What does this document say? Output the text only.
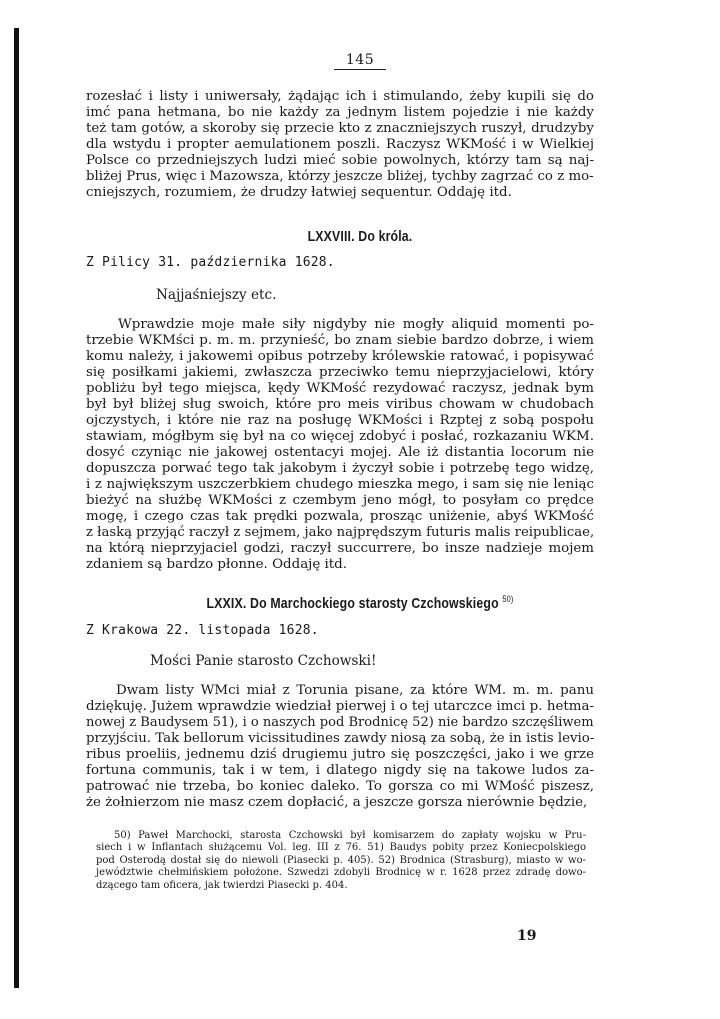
145
rozesłać i listy i uniwersały, żądając ich i stimulando, żeby kupili się do
imć pana hetmana, bo nie każdy za jednym listem pojedzie i nie każdy
też tam gotów, a skoroby się przecie kto z znaczniejszych ruszył, drudzyby
dla wstydu i propter aemulationem poszli. Raczysz WKMość i w Wielkiej
Polsce co przedniejszych ludzi mieć sobie powolnych, którzy tam są naj-
bliżej Prus, więc i Mazowsza, którzy jeszcze bliżej, tychby zagrzać co z mo-
cniejszych, rozumiem, że drudzy łatwiej sequentur. Oddaję itd.
LXXVIII. Do króla.
Z Pilicy 31. października 1628.
Najjaśniejszy etc.
Wprawdzie moje małe siły nigdyby nie mogły aliquid momenti po-
trzebie WKMści p. m. m. przynieść, bo znam siebie bardzo dobrze, i wiem
komu należy, i jakowemi opibus potrzeby królewskie ratować, i popisywać
się posiłkami jakiemi, zwłaszcza przeciwko temu nieprzyjacielowi, który
pobliżu był tego miejsca, kędy WKMość rezydować raczysz, jednak bym
był był bliżej sług swoich, które pro meis viribus chowam w chudobach
ojczystych, i które nie raz na posługę WKMości i Rzptej z sobą pospołu
stawiam, mógłbym się był na co więcej zdobyć i posłać, rozkazaniu WKM.
dosyć czyniąc nie jakowej ostentacyi mojej. Ale iż distantia locorum nie
dopuszcza porwać tego tak jakobym i życzył sobie i potrzebę tego widzę,
i z największym uszczerbkiem chudego mieszka mego, i sam się nie leniąc
bieżyć na służbę WKMości z czembym jeno mógł, to posyłam co prędce
mogę, i czego czas tak prędki pozwala, prosząc uniżenie, abyś WKMość
z łaską przyjąć raczył z sejmem, jako najprędszym futuris malis reipublicae,
na którą nieprzyjaciel godzi, raczył succurrere, bo insze nadzieje mojem
zdaniem są bardzo płonne. Oddaję itd.
LXXIX. Do Marchockiego starosty Czchowskiego $^{50)}$
Z Krakowa 22. listopada 1628.
Mości Panie starosto Czchowski!
Dwam listy WMci miał z Torunia pisane, za które WM. m. m. panu
dziękuję. Jużem wprawdzie wiedział pierwej i o tej utarczce imci p. hetma-
nowej z Baudysem 51), i o naszych pod Brodnicę 52) nie bardzo szczęśliwem
przyjściu. Tak bellorum vicissitudines zawdy niosą za sobą, że in istis levio-
ribus proeliis, jednemu dziś drugiemu jutro się poszczęści, jako i we grze
fortuna communis, tak i w tem, i dlatego nigdy się na takowe ludos za-
patrować nie trzeba, bo koniec daleko. To gorsza co mi WMość piszesz,
że żołnierzom nie masz czem dopłacić, a jeszcze gorsza nierównie będzie,
50) Paweł Marchocki, starosta Czchowski był komisarzem do zapłaty wojsku w Pru-
siech i w Inflantach służącemu Vol. leg. III z 76. 51) Baudys pobity przez Koniecpolskiego
pod Osterodą dostał się do niewoli (Piasecki p. 405). 52) Brodnica (Strasburg), miasto w wo-
jewództwie chełmińskiem położone. Szwedzi zdobyli Brodnicę w r. 1628 przez zdradę dowo-
dzącego tam oficera, jak twierdzi Piasecki p. 404.
19
